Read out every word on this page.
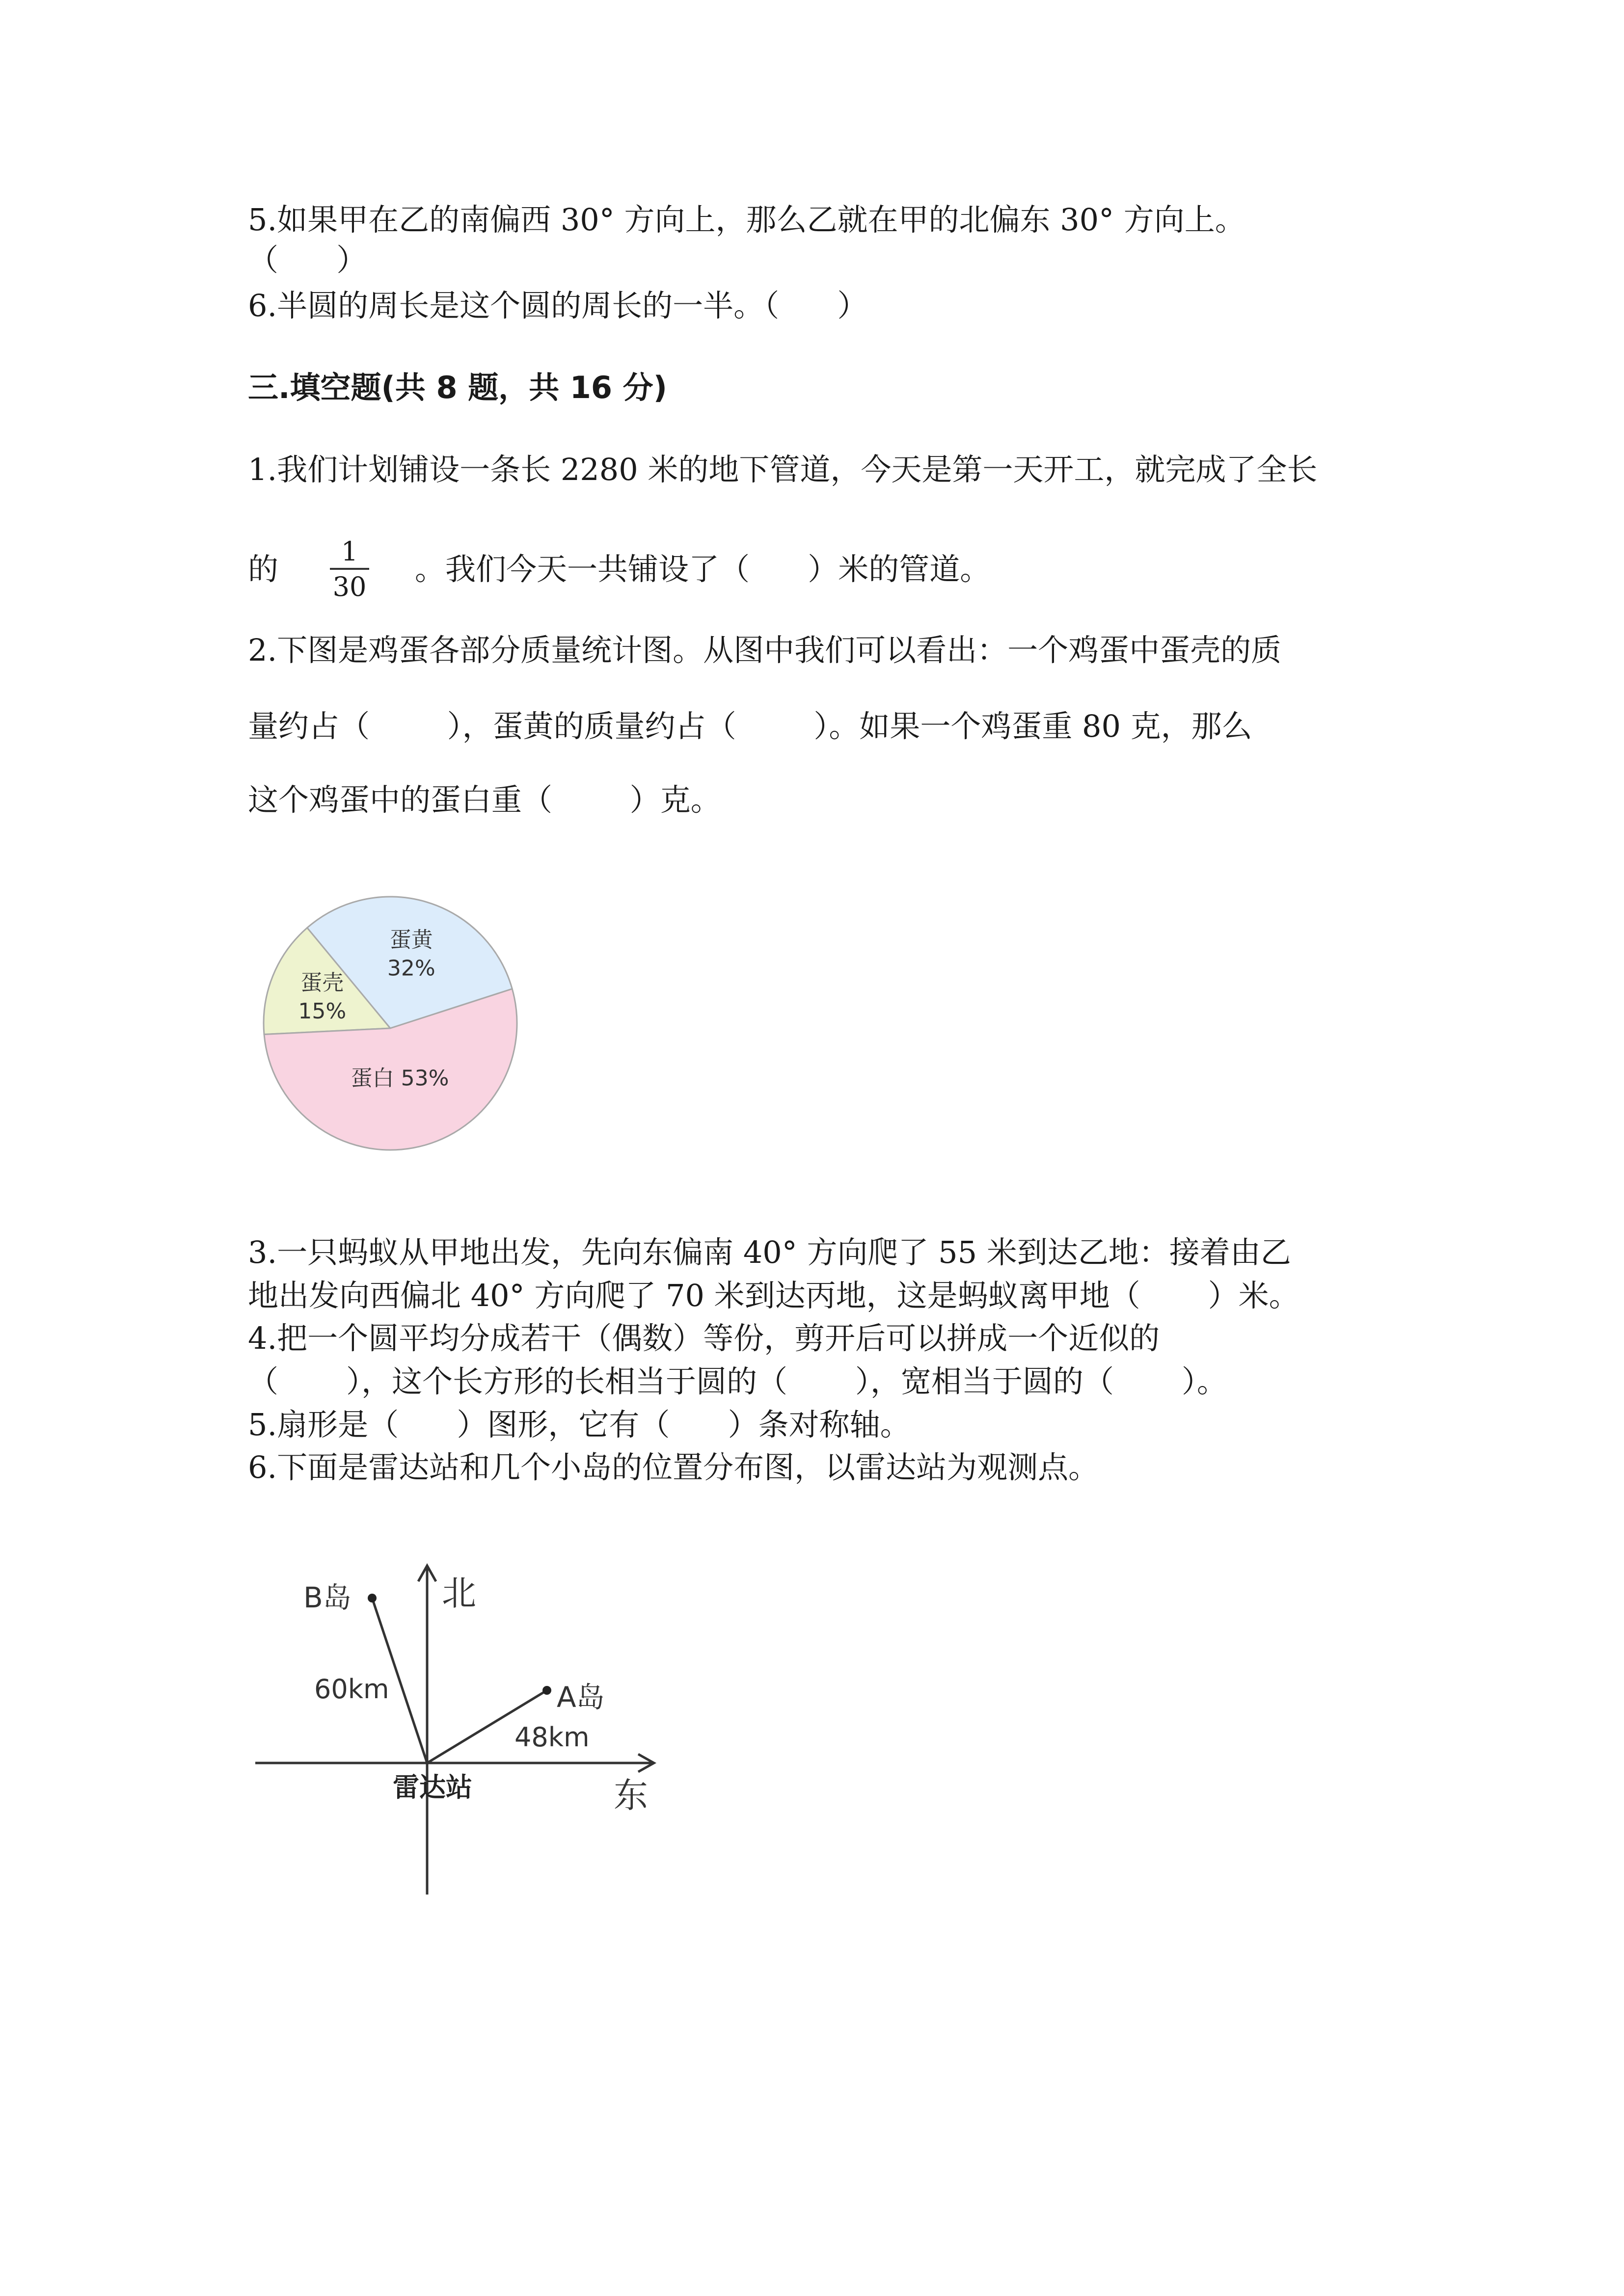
5.如果甲在乙的南偏西 30° 方向上，那么乙就在甲的北偏东 30° 方向上。
（      ）
6.半圆的周长是这个圆的周长的一半。（      ）
三.填空题(共 8 题，共 16 分)
1.我们计划铺设一条长 2280 米的地下管道，今天是第一天开工，就完成了全长
的 $\frac{1}{30}$ 。我们今天一共铺设了（      ）米的管道。
2.下图是鸡蛋各部分质量统计图。从图中我们可以看出：一个鸡蛋中蛋壳的质
量约占（        ），蛋黄的质量约占（        ）。如果一个鸡蛋重 80 克，那么
这个鸡蛋中的蛋白重（        ）克。
蛋壳
15%
蛋黄
32%
蛋白 53%
3.一只蚂蚁从甲地出发，先向东偏南 40° 方向爬了 55 米到达乙地：接着由乙
地出发向西偏北 40° 方向爬了 70 米到达丙地，这是蚂蚁离甲地（       ）米。
4.把一个圆平均分成若干（偶数）等份，剪开后可以拼成一个近似的
（       ），这个长方形的长相当于圆的（       ），宽相当于圆的（       ）。
5.扇形是（      ）图形，它有（      ）条对称轴。
6.下面是雷达站和几个小岛的位置分布图，以雷达站为观测点。
北
东
B岛
60km	A岛
48km
雷达站
